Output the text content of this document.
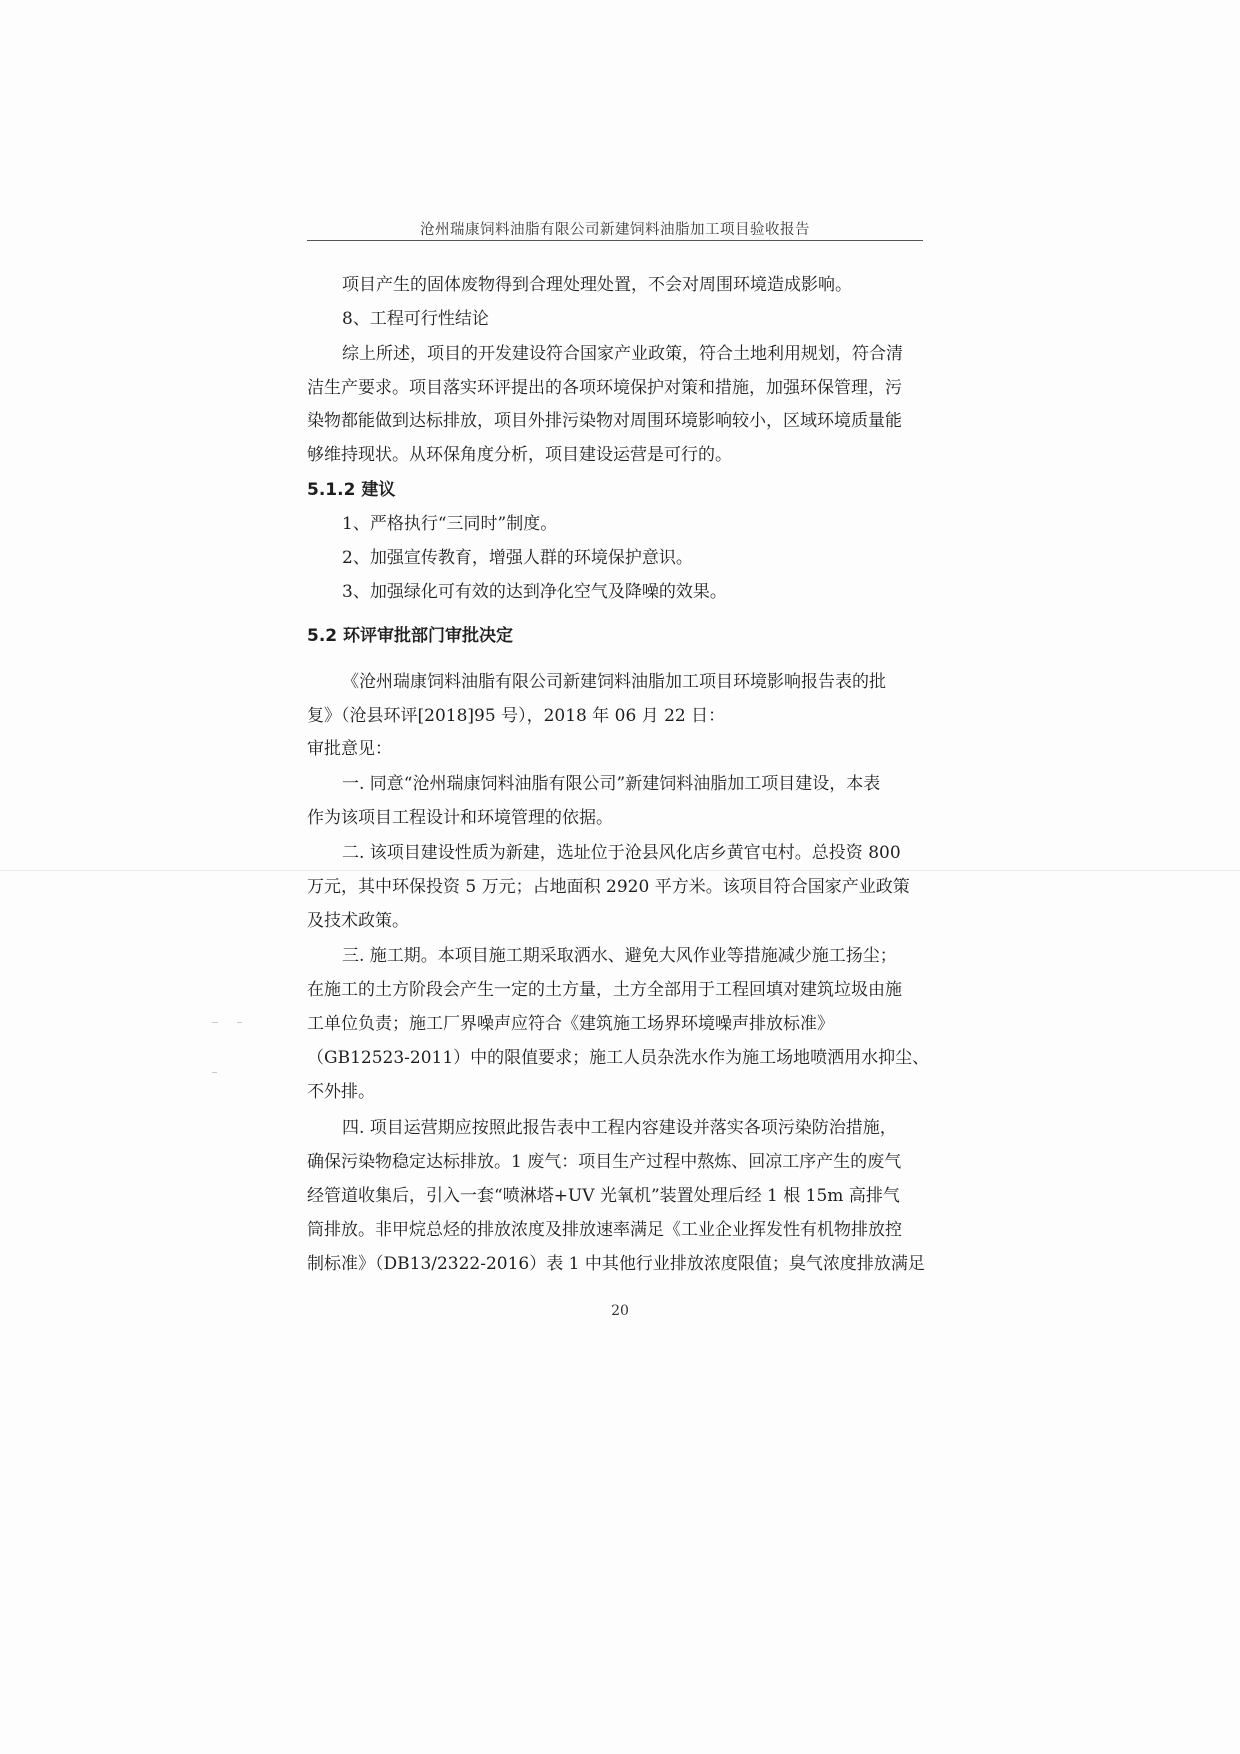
沧州瑞康饲料油脂有限公司新建饲料油脂加工项目验收报告
项目产生的固体废物得到合理处理处置，不会对周围环境造成影响。
8、工程可行性结论
综上所述，项目的开发建设符合国家产业政策，符合土地利用规划，符合清
洁生产要求。项目落实环评提出的各项环境保护对策和措施，加强环保管理，污
染物都能做到达标排放，项目外排污染物对周围环境影响较小，区域环境质量能
够维持现状。从环保角度分析，项目建设运营是可行的。
5.1.2 建议
1、严格执行“三同时”制度。
2、加强宣传教育，增强人群的环境保护意识。
3、加强绿化可有效的达到净化空气及降噪的效果。
5.2 环评审批部门审批决定
《沧州瑞康饲料油脂有限公司新建饲料油脂加工项目环境影响报告表的批
复》（沧县环评[2018]95 号），2018 年 06 月 22 日：
审批意见：
一. 同意“沧州瑞康饲料油脂有限公司”新建饲料油脂加工项目建设，本表
作为该项目工程设计和环境管理的依据。
二. 该项目建设性质为新建，选址位于沧县风化店乡黄官屯村。总投资 800
万元，其中环保投资 5 万元；占地面积 2920 平方米。该项目符合国家产业政策
及技术政策。
三. 施工期。本项目施工期采取洒水、避免大风作业等措施减少施工扬尘；
在施工的土方阶段会产生一定的土方量，土方全部用于工程回填对建筑垃圾由施
工单位负责；施工厂界噪声应符合《建筑施工场界环境噪声排放标准》
（GB12523-2011）中的限值要求；施工人员杂洗水作为施工场地喷洒用水抑尘、
不外排。
四. 项目运营期应按照此报告表中工程内容建设并落实各项污染防治措施，
确保污染物稳定达标排放。1 废气：项目生产过程中熬炼、回凉工序产生的废气
经管道收集后，引入一套“喷淋塔+UV 光氧机”装置处理后经 1 根 15m 高排气
筒排放。非甲烷总烃的排放浓度及排放速率满足《工业企业挥发性有机物排放控
制标准》（DB13/2322-2016）表 1 中其他行业排放浓度限值；臭气浓度排放满足
20
